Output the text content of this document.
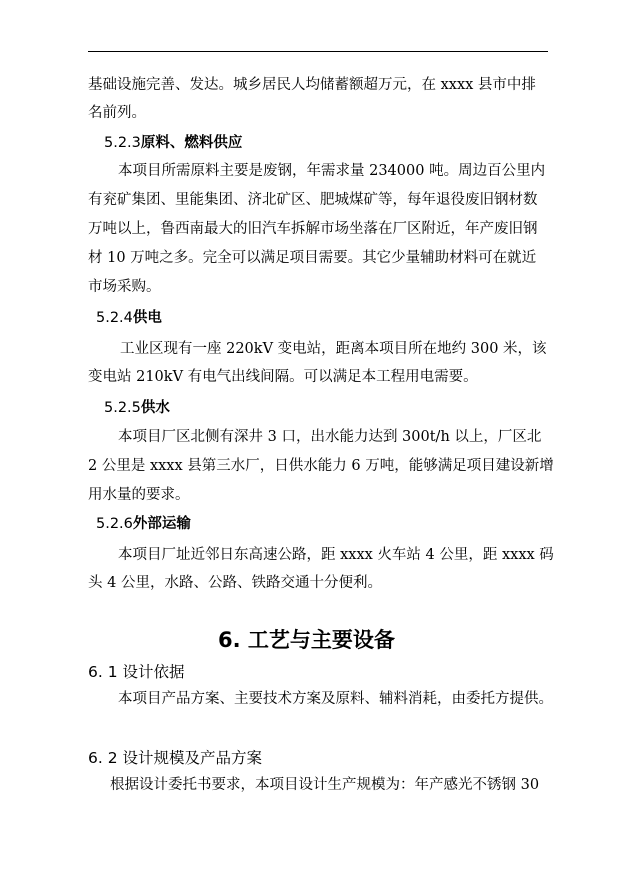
基础设施完善、发达。城乡居民人均储蓄额超万元，在 xxxx 县市中排
名前列。
5.2.3原料、燃料供应
本项目所需原料主要是废钢，年需求量 234000 吨。周边百公里内
有兖矿集团、里能集团、济北矿区、肥城煤矿等，每年退役废旧钢材数
万吨以上，鲁西南最大的旧汽车拆解市场坐落在厂区附近，年产废旧钢
材 10 万吨之多。完全可以满足项目需要。其它少量辅助材料可在就近
市场采购。
5.2.4供电
工业区现有一座 220kV 变电站，距离本项目所在地约 300 米，该
变电站 210kV 有电气出线间隔。可以满足本工程用电需要。
5.2.5供水
本项目厂区北侧有深井 3 口，出水能力达到 300t/h 以上，厂区北
2 公里是 xxxx 县第三水厂，日供水能力 6 万吨，能够满足项目建设新增
用水量的要求。
5.2.6外部运输
本项目厂址近邻日东高速公路，距 xxxx 火车站 4 公里，距 xxxx 码
头 4 公里，水路、公路、铁路交通十分便利。
6. 工艺与主要设备
6. 1 设计依据
本项目产品方案、主要技术方案及原料、辅料消耗，由委托方提供。
6. 2 设计规模及产品方案
根据设计委托书要求，本项目设计生产规模为：年产感光不锈钢 30
